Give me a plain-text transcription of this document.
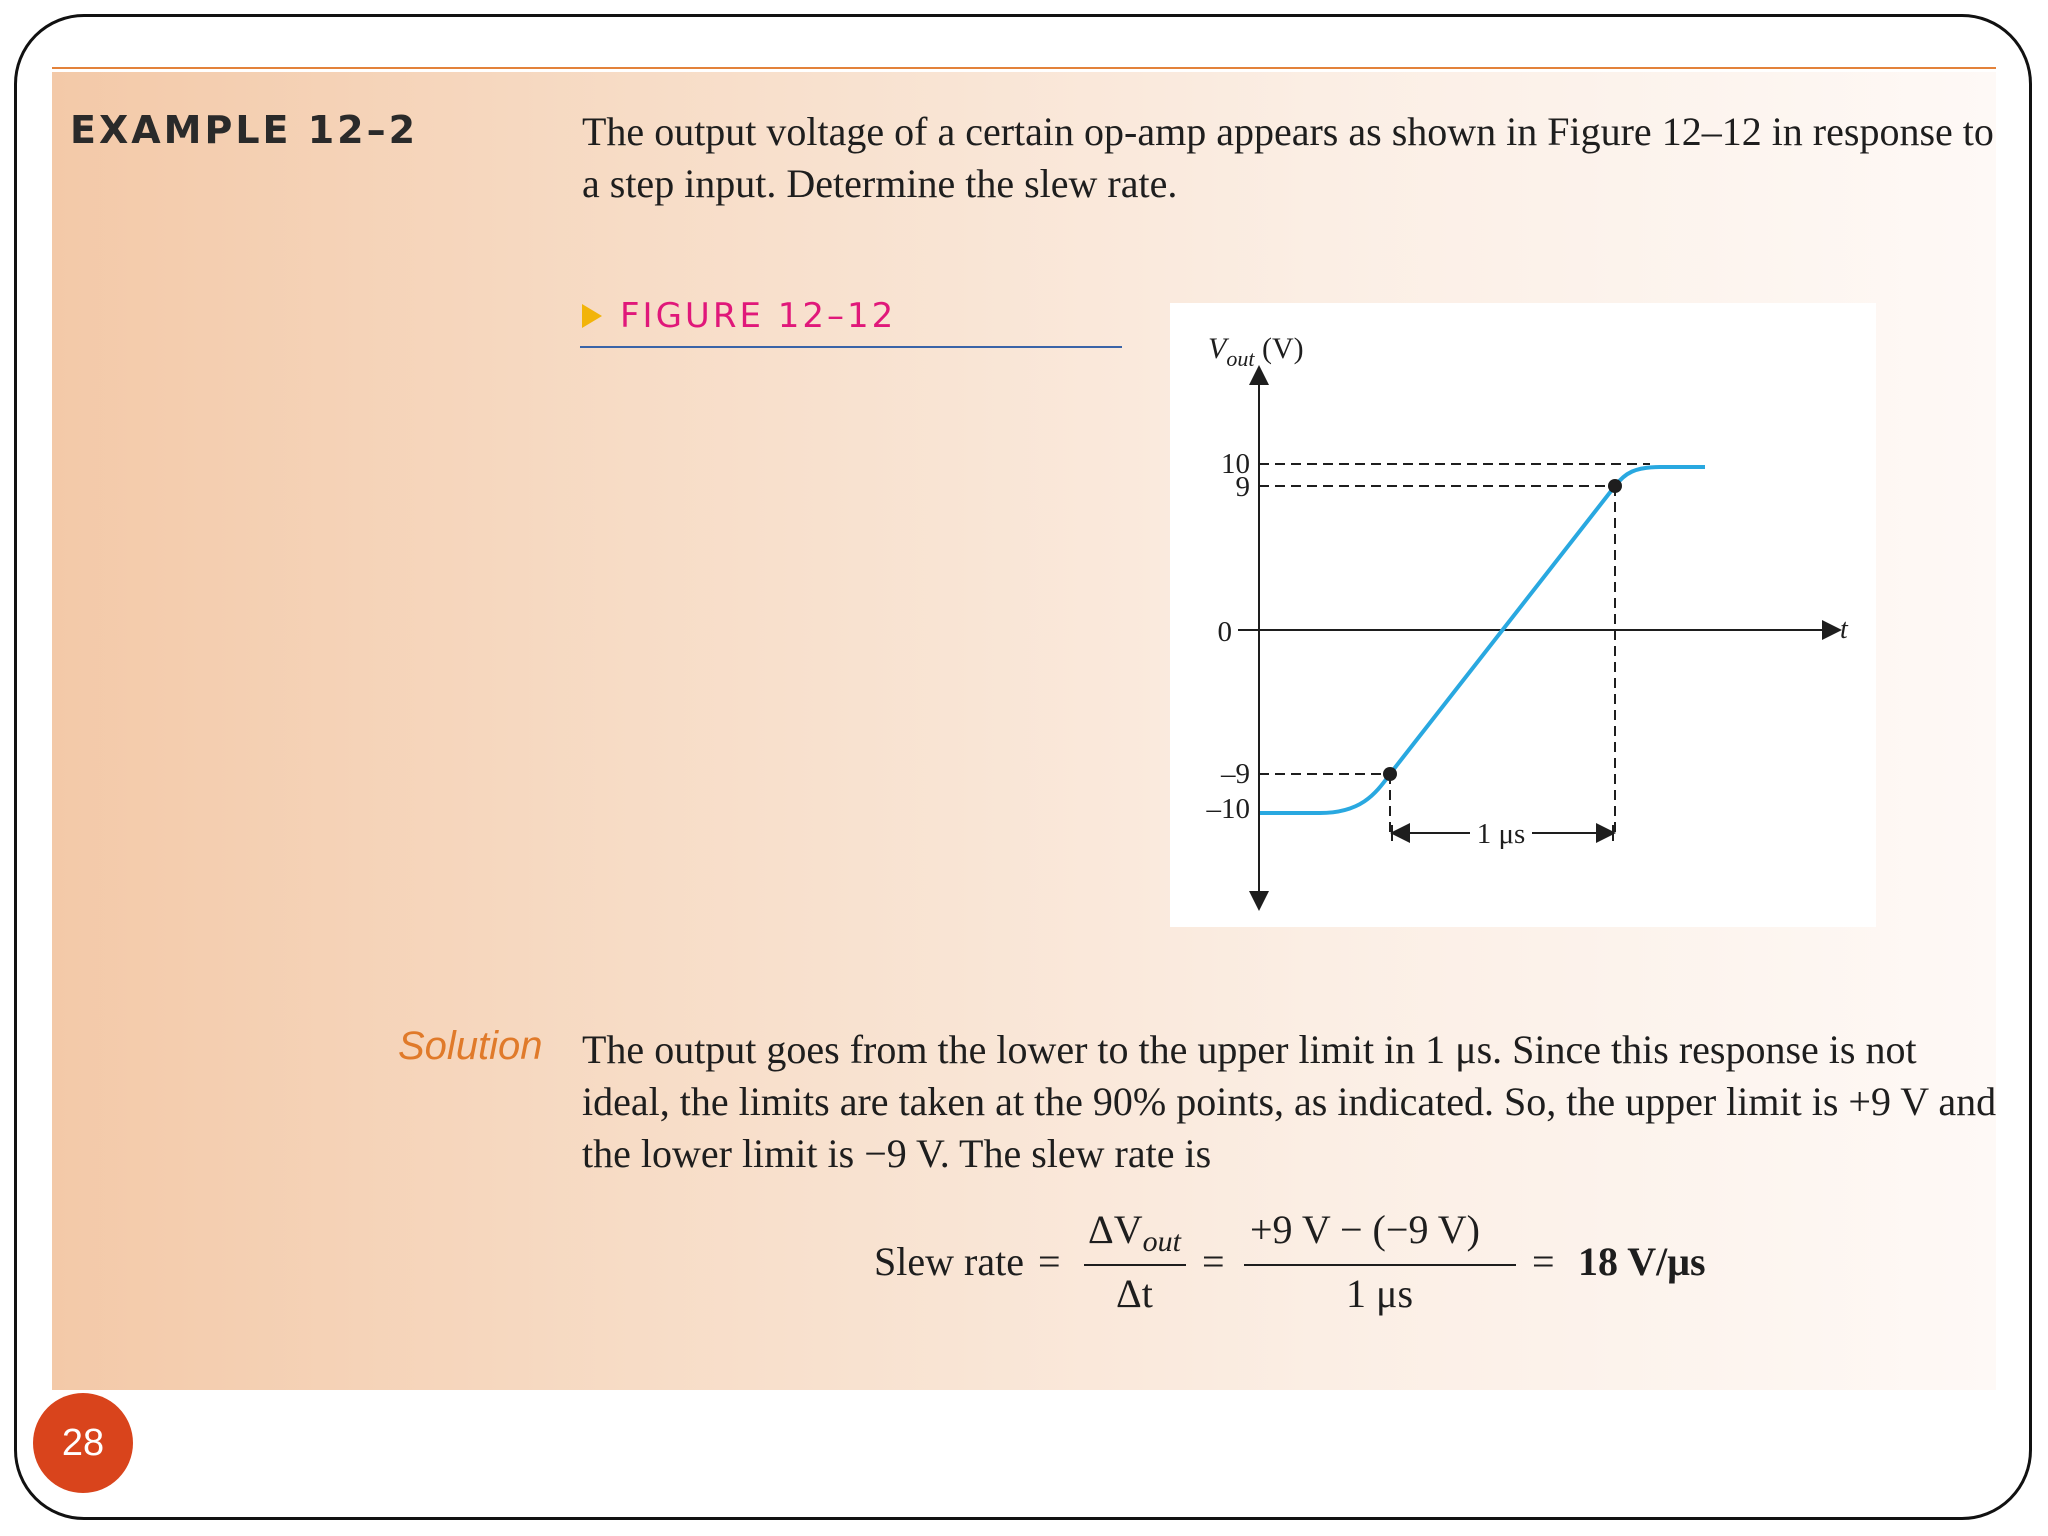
EXAMPLE 12–2	The output voltage of a certain op-amp appears as shown in Figure 12–12 in response to a step input. Determine the slew rate.
FIGURE 12–12
$V_{out}$ (V)
10
9
0
–9
–10
t
1 μs
Solution The output goes from the lower to the upper limit in 1 μs. Since this response is not ideal, the limits are taken at the 90% points, as indicated. So, the upper limit is +9 V and the lower limit is −9 V. The slew rate is
Slew rate =
$\Delta V_{out}$
Δt
=
+9 V − (−9 V)
1 μs
= 18 V/μs
28
